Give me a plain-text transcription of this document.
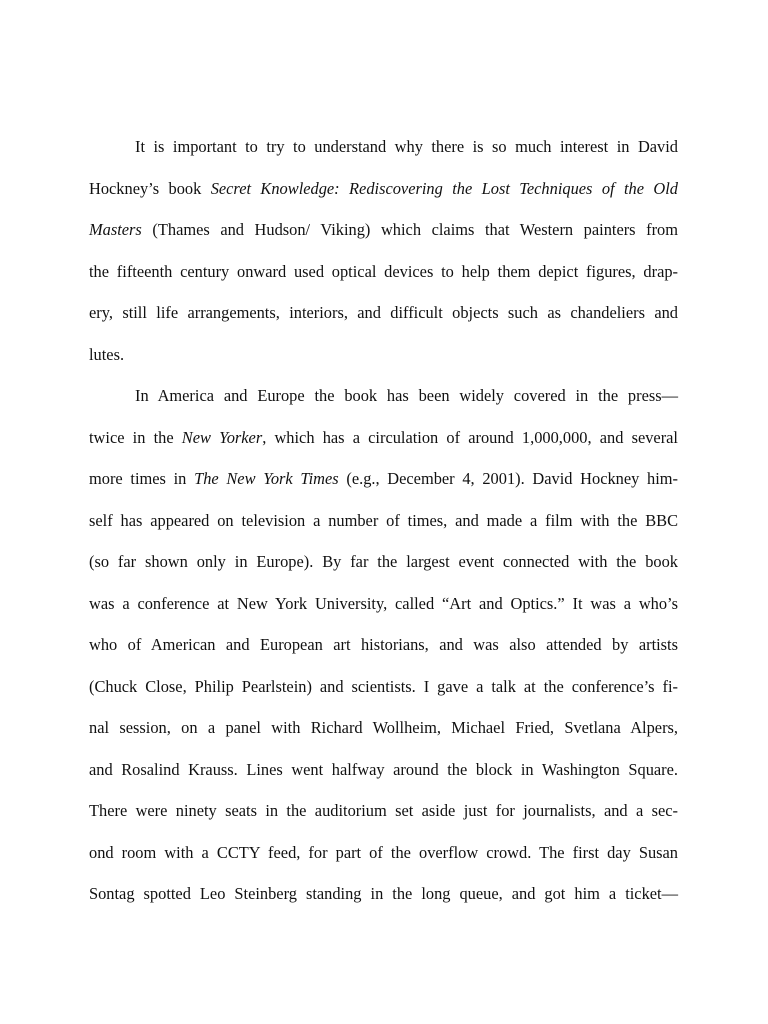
It is important to try to understand why there is so much interest in David
Hockney’s book Secret Knowledge: Rediscovering the Lost Techniques of the Old
Masters (Thames and Hudson/ Viking) which claims that Western painters from
the fifteenth century onward used optical devices to help them depict figures, drap-
ery, still life arrangements, interiors, and difficult objects such as chandeliers and
lutes.
In America and Europe the book has been widely covered in the press—
twice in the New Yorker, which has a circulation of around 1,000,000, and several
more times in The New York Times (e.g., December 4, 2001). David Hockney him-
self has appeared on television a number of times, and made a film with the BBC
(so far shown only in Europe). By far the largest event connected with the book
was a conference at New York University, called “Art and Optics.” It was a who’s
who of American and European art historians, and was also attended by artists
(Chuck Close, Philip Pearlstein) and scientists. I gave a talk at the conference’s fi-
nal session, on a panel with Richard Wollheim, Michael Fried, Svetlana Alpers,
and Rosalind Krauss. Lines went halfway around the block in Washington Square.
There were ninety seats in the auditorium set aside just for journalists, and a sec-
ond room with a CCTY feed, for part of the overflow crowd. The first day Susan
Sontag spotted Leo Steinberg standing in the long queue, and got him a ticket—
